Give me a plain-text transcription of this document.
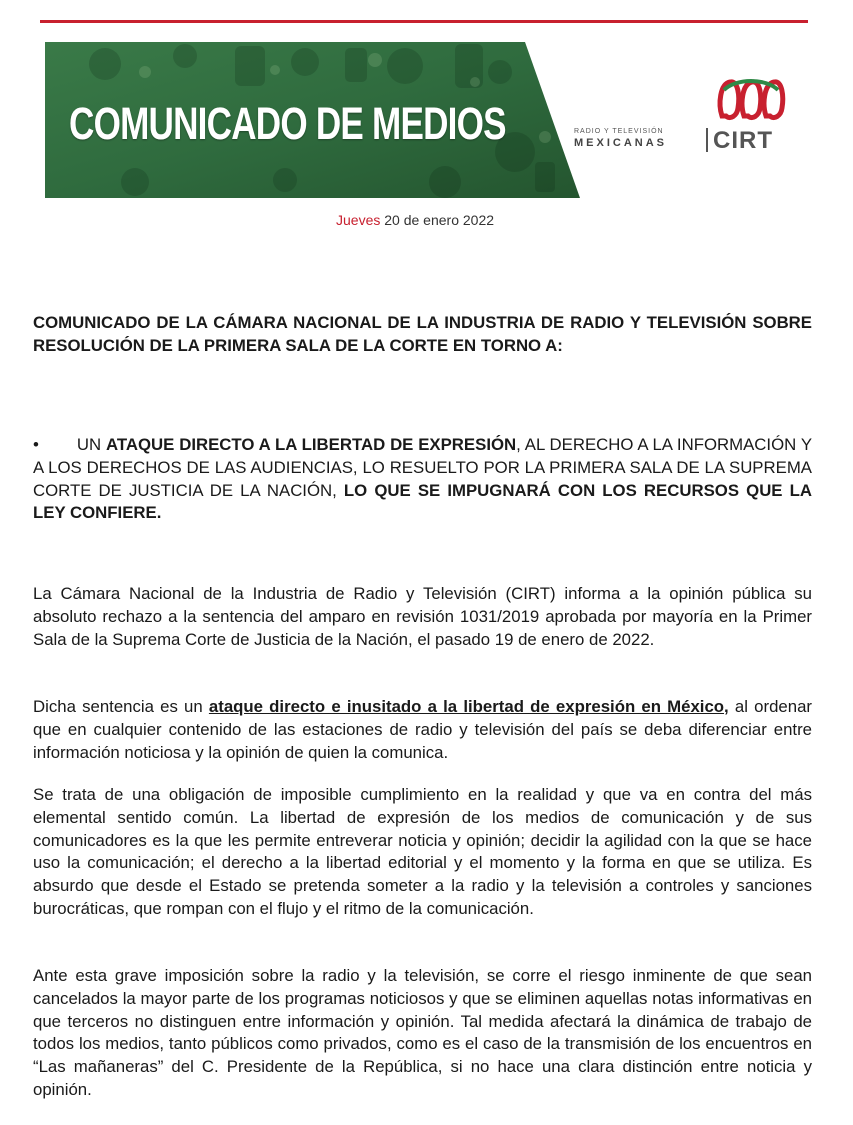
COMUNICADO DE MEDIOS	RADIO Y TELEVISIÓN
MEXICANAS CIRT
Jueves 20 de enero 2022

COMUNICADO DE LA CÁMARA NACIONAL DE LA INDUSTRIA DE RADIO Y TELEVISIÓN SOBRE RESOLUCIÓN DE LA PRIMERA SALA DE LA CORTE EN TORNO A:

• UN ATAQUE DIRECTO A LA LIBERTAD DE EXPRESIÓN, AL DERECHO A LA INFORMACIÓN Y A LOS DERECHOS DE LAS AUDIENCIAS, LO RESUELTO POR LA PRIMERA SALA DE LA SUPREMA CORTE DE JUSTICIA DE LA NACIÓN, LO QUE SE IMPUGNARÁ CON LOS RECURSOS QUE LA LEY CONFIERE.

La Cámara Nacional de la Industria de Radio y Televisión (CIRT) informa a la opinión pública su absoluto rechazo a la sentencia del amparo en revisión 1031/2019 aprobada por mayoría en la Primer Sala de la Suprema Corte de Justicia de la Nación, el pasado 19 de enero de 2022.

Dicha sentencia es un ataque directo e inusitado a la libertad de expresión en México, al ordenar que en cualquier contenido de las estaciones de radio y televisión del país se deba diferenciar entre información noticiosa y la opinión de quien la comunica.

Se trata de una obligación de imposible cumplimiento en la realidad y que va en contra del más elemental sentido común. La libertad de expresión de los medios de comunicación y de sus comunicadores es la que les permite entreverar noticia y opinión; decidir la agilidad con la que se hace uso la comunicación; el derecho a la libertad editorial y el momento y la forma en que se utiliza. Es absurdo que desde el Estado se pretenda someter a la radio y la televisión a controles y sanciones burocráticas, que rompan con el flujo y el ritmo de la comunicación.

Ante esta grave imposición sobre la radio y la televisión, se corre el riesgo inminente de que sean cancelados la mayor parte de los programas noticiosos y que se eliminen aquellas notas informativas en que terceros no distinguen entre información y opinión. Tal medida afectará la dinámica de trabajo de todos los medios, tanto públicos como privados, como es el caso de la transmisión de los encuentros en “Las mañaneras” del C. Presidente de la República, si no hace una clara distinción entre noticia y opinión.
